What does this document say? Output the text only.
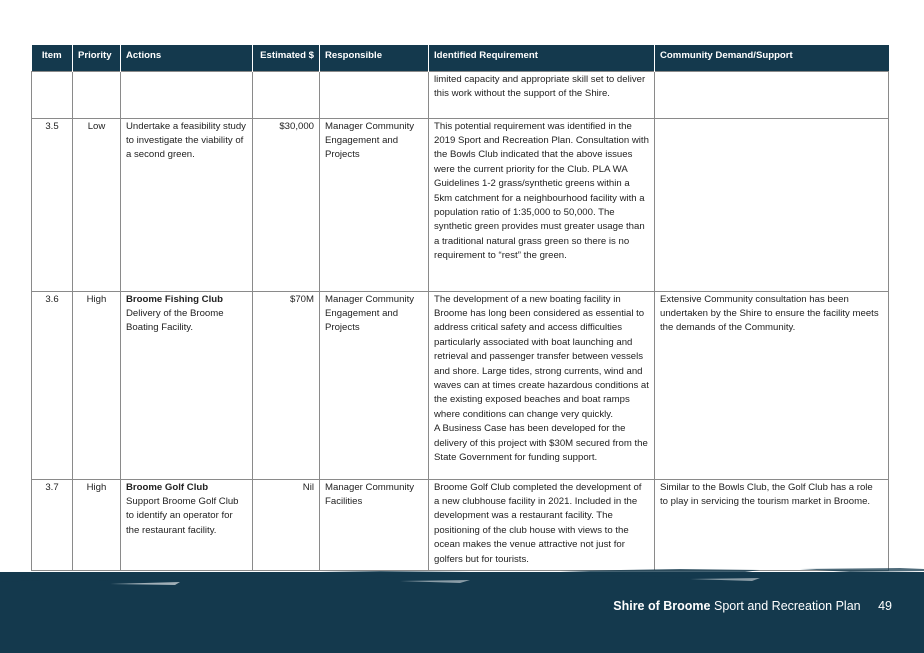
Item	Priority	Actions	Estimated $	Responsible	Identified Requirement	Community Demand/Support

					limited capacity and appropriate skill set to deliver this work without the support of the Shire.	

3.5	Low	Undertake a feasibility study to investigate the viability of a second green.	$30,000	Manager Community Engagement and Projects	This potential requirement was identified in the 2019 Sport and Recreation Plan. Consultation with the Bowls Club indicated that the above issues were the current priority for the Club. PLA WA Guidelines 1-2 grass/synthetic greens within a 5km catchment for a neighbourhood facility with a population ratio of 1:35,000 to 50,000. The synthetic green provides must greater usage than a traditional natural grass green so there is no requirement to “rest” the green.	

3.6	High	Broome Fishing Club
Delivery of the Broome Boating Facility.	$70M	Manager Community Engagement and Projects	The development of a new boating facility in Broome has long been considered as essential to address critical safety and access difficulties particularly associated with boat launching and retrieval and passenger transfer between vessels and shore. Large tides, strong currents, wind and waves can at times create hazardous conditions at the existing exposed beaches and boat ramps where conditions can change very quickly.
A Business Case has been developed for the delivery of this project with $30M secured from the State Government for funding support.	Extensive Community consultation has been undertaken by the Shire to ensure the facility meets the demands of the Community.
3.7	High	Broome Golf Club
Support Broome Golf Club to identify an operator for the restaurant facility.	Nil	Manager Community Facilities	Broome Golf Club completed the development of a new clubhouse facility in 2021. Included in the development was a restaurant facility. The positioning of the club house with views to the ocean makes the venue attractive not just for golfers but for tourists.	Similar to the Bowls Club, the Golf Club has a role to play in servicing the tourism market in Broome.
Shire of Broome Sport and Recreation Plan 49
